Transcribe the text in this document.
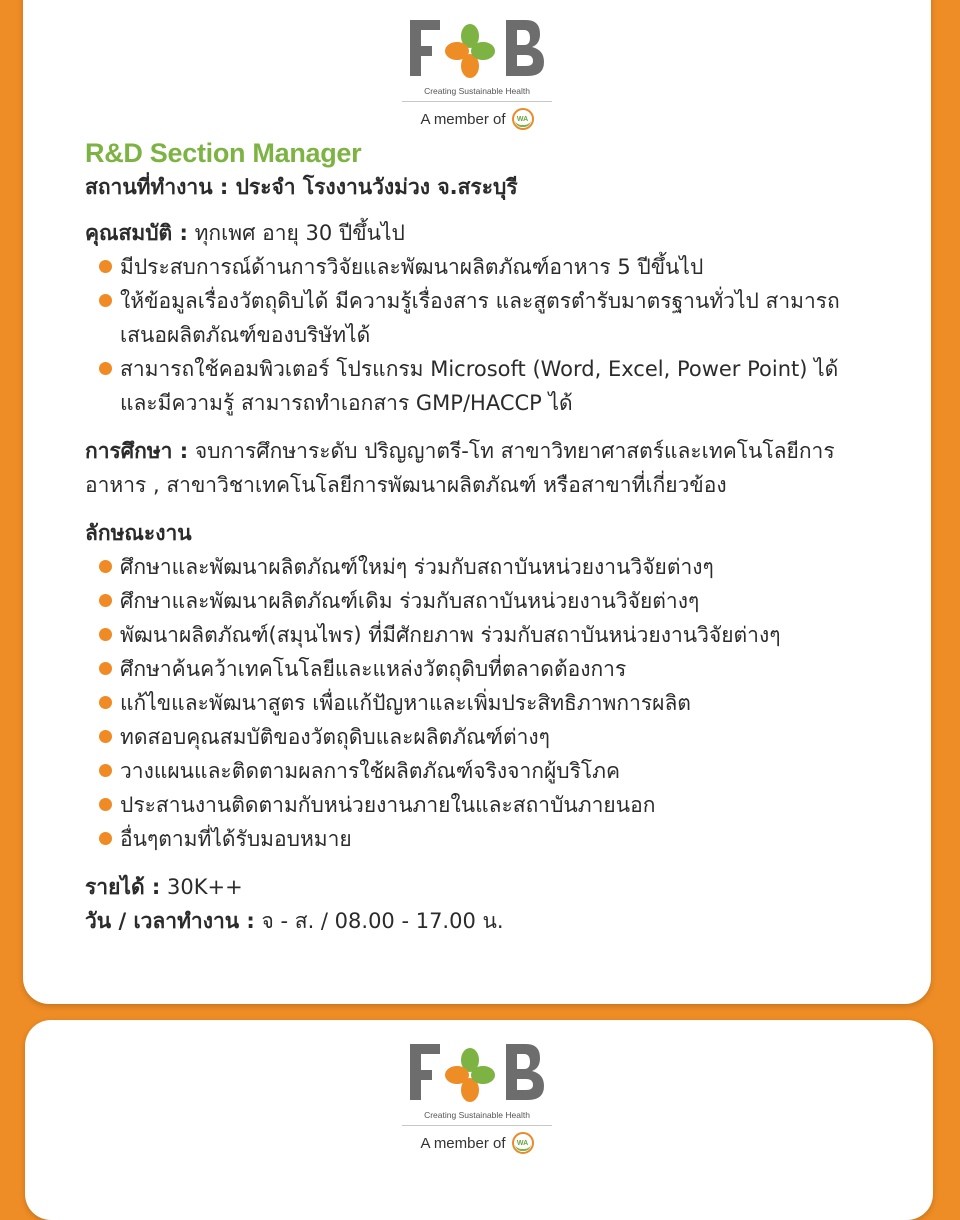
Creating Sustainable Health
A member of	WA
R&D Section Manager
สถานที่ทำงาน : ประจำ โรงงานวังม่วง จ.สระบุรี
คุณสมบัติ : ทุกเพศ อายุ 30 ปีขึ้นไป
มีประสบการณ์ด้านการวิจัยและพัฒนาผลิตภัณฑ์อาหาร 5 ปีขึ้นไป
ให้ข้อมูลเรื่องวัตถุดิบได้ มีความรู้เรื่องสาร และสูตรตำรับมาตรฐานทั่วไป สามารถเสนอผลิตภัณฑ์ของบริษัทได้
สามารถใช้คอมพิวเตอร์ โปรแกรม Microsoft (Word, Excel, Power Point) ได้และมีความรู้ สามารถทำเอกสาร GMP/HACCP ได้
การศึกษา : จบการศึกษาระดับ ปริญญาตรี-โท สาขาวิทยาศาสตร์และเทคโนโลยีการอาหาร , สาขาวิชาเทคโนโลยีการพัฒนาผลิตภัณฑ์ หรือสาขาที่เกี่ยวข้อง
ลักษณะงาน
ศึกษาและพัฒนาผลิตภัณฑ์ใหม่ๆ ร่วมกับสถาบันหน่วยงานวิจัยต่างๆ
ศึกษาและพัฒนาผลิตภัณฑ์เดิม ร่วมกับสถาบันหน่วยงานวิจัยต่างๆ
พัฒนาผลิตภัณฑ์(สมุนไพร) ที่มีศักยภาพ ร่วมกับสถาบันหน่วยงานวิจัยต่างๆ
ศึกษาค้นคว้าเทคโนโลยีและแหล่งวัตถุดิบที่ตลาดต้องการ
แก้ไขและพัฒนาสูตร เพื่อแก้ปัญหาและเพิ่มประสิทธิภาพการผลิต
ทดสอบคุณสมบัติของวัตถุดิบและผลิตภัณฑ์ต่างๆ
วางแผนและติดตามผลการใช้ผลิตภัณฑ์จริงจากผู้บริโภค
ประสานงานติดตามกับหน่วยงานภายในและสถาบันภายนอก
อื่นๆตามที่ได้รับมอบหมาย
รายได้ : 30K++
วัน / เวลาทำงาน : จ - ส. / 08.00 - 17.00 น.
Creating Sustainable Health
A member of	WA
